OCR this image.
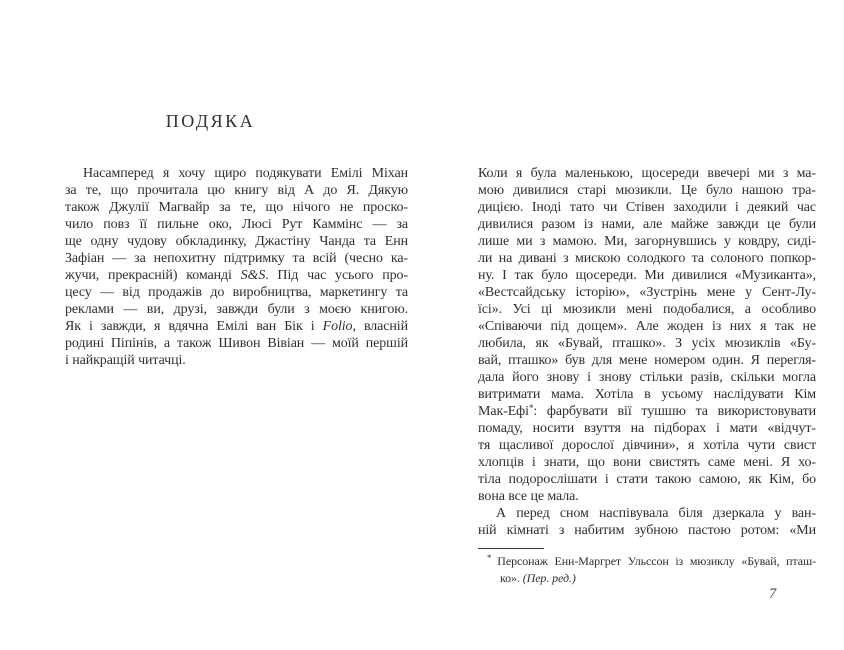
ПОДЯКА
Насамперед я хочу щиро подякувати Емілі Міхан
за те, що прочитала цю книгу від А до Я. Дякую
також Джулії Магвайр за те, що нічого не проско-
чило повз її пильне око, Люсі Рут Каммінс — за
ще одну чудову обкладинку, Джастіну Чанда та Енн
Зафіан — за непохитну підтримку та всій (чесно ка-
жучи, прекрасній) команді S&S. Під час усього про-
цесу — від продажів до виробництва, маркетингу та
реклами — ви, друзі, завжди були з моєю книгою.
Як і завжди, я вдячна Емілі ван Бік і Folio, власній
родині Піпінів, а також Шивон Вівіан — моїй першій
і найкращій читачці.
Коли я була маленькою, щосереди ввечері ми з ма-
мою дивилися старі мюзикли. Це було нашою тра-
дицією. Іноді тато чи Стівен заходили і деякий час
дивилися разом із нами, але майже завжди це були
лише ми з мамою. Ми, загорнувшись у ковдру, сиді-
ли на дивані з мискою солодкого та солоного попкор-
ну. І так було щосереди. Ми дивилися «Музиканта»,
«Вестсайдську історію», «Зустрінь мене у Сент-Лу-
їсі». Усі ці мюзикли мені подобалися, а особливо
«Співаючи під дощем». Але жоден із них я так не
любила, як «Бувай, пташко». З усіх мюзиклів «Бу-
вай, пташко» був для мене номером один. Я перегля-
дала його знову і знову стільки разів, скільки могла
витримати мама. Хотіла в усьому наслідувати Кім
Мак-Ефі*: фарбувати вії тушшю та використовувати
помаду, носити взуття на підборах і мати «відчут-
тя щасливої дорослої дівчини», я хотіла чути свист
хлопців і знати, що вони свистять саме мені. Я хо-
тіла подорослішати і стати такою самою, як Кім, бо
вона все це мала.
А перед сном наспівувала біля дзеркала у ван-
ній кімнаті з набитим зубною пастою ротом: «Ми
* Персонаж Енн-Маргрет Ульссон із мюзиклу «Бувай, пташ-
ко». (Пер. ред.)
7
